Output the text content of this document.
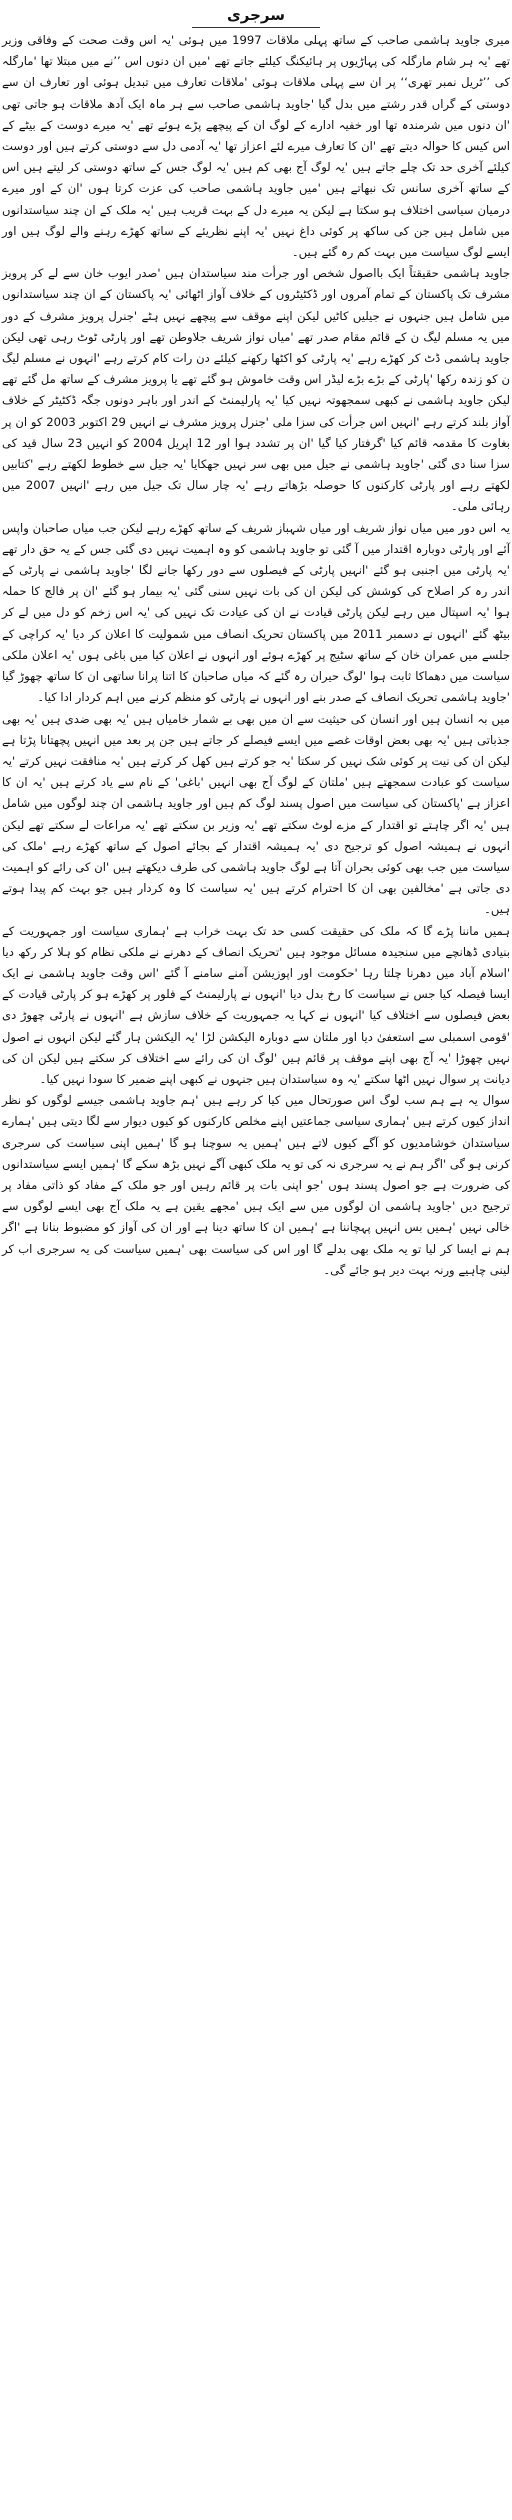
سرجری

میری جاوید ہاشمی صاحب کے ساتھ پہلی ملاقات 1997 میں ہوئی 'یہ اس وقت صحت کے وفاقی وزیر تھے 'یہ ہر شام مارگلہ کی پہاڑیوں پر ہائیکنگ کیلئے جاتے تھے 'میں ان دنوں اس ’’نے میں مبتلا تھا 'مارگلہ کی ’’ٹریل نمبر تھری‘‘ پر ان سے پہلی ملاقات ہوئی 'ملاقات تعارف میں تبدیل ہوئی اور تعارف ان سے دوستی کے گراں قدر رشتے میں بدل گیا 'جاوید ہاشمی صاحب سے ہر ماہ ایک آدھ ملاقات ہو جاتی تھی 'ان دنوں میں شرمندہ تھا اور خفیہ ادارے کے لوگ ان کے پیچھے پڑے ہوئے تھے 'یہ میرے دوست کے بیٹے کے اس کیس کا حوالہ دیتے تھے 'ان کا تعارف میرے لئے اعزاز تھا 'یہ آدمی دل سے دوستی کرتے ہیں اور دوست کیلئے آخری حد تک چلے جاتے ہیں 'یہ لوگ آج بھی کم ہیں 'یہ لوگ جس کے ساتھ دوستی کر لیتے ہیں اس کے ساتھ آخری سانس تک نبھاتے ہیں 'میں جاوید ہاشمی صاحب کی عزت کرتا ہوں 'ان کے اور میرے درمیان سیاسی اختلاف ہو سکتا ہے لیکن یہ میرے دل کے بہت قریب ہیں 'یہ ملک کے ان چند سیاستدانوں میں شامل ہیں جن کی ساکھ پر کوئی داغ نہیں 'یہ اپنے نظریئے کے ساتھ کھڑے رہنے والے لوگ ہیں اور ایسے لوگ سیاست میں بہت کم رہ گئے ہیں۔

جاوید ہاشمی حقیقتاً ایک بااصول شخص اور جرأت مند سیاستدان ہیں 'صدر ایوب خان سے لے کر پرویز مشرف تک پاکستان کے تمام آمروں اور ڈکٹیٹروں کے خلاف آواز اٹھائی 'یہ پاکستان کے ان چند سیاستدانوں میں شامل ہیں جنہوں نے جیلیں کاٹیں لیکن اپنے موقف سے پیچھے نہیں ہٹے 'جنرل پرویز مشرف کے دور میں یہ مسلم لیگ ن کے قائم مقام صدر تھے 'میاں نواز شریف جلاوطن تھے اور پارٹی ٹوٹ رہی تھی لیکن جاوید ہاشمی ڈٹ کر کھڑے رہے 'یہ پارٹی کو اکٹھا رکھنے کیلئے دن رات کام کرتے رہے 'انہوں نے مسلم لیگ ن کو زندہ رکھا 'پارٹی کے بڑے بڑے لیڈر اس وقت خاموش ہو گئے تھے یا پرویز مشرف کے ساتھ مل گئے تھے لیکن جاوید ہاشمی نے کبھی سمجھوتہ نہیں کیا 'یہ پارلیمنٹ کے اندر اور باہر دونوں جگہ ڈکٹیٹر کے خلاف آواز بلند کرتے رہے 'انہیں اس جرأت کی سزا ملی 'جنرل پرویز مشرف نے انہیں 29 اکتوبر 2003 کو ان پر بغاوت کا مقدمہ قائم کیا 'گرفتار کیا گیا 'ان پر تشدد ہوا اور 12 اپریل 2004 کو انہیں 23 سال قید کی سزا سنا دی گئی 'جاوید ہاشمی نے جیل میں بھی سر نہیں جھکایا 'یہ جیل سے خطوط لکھتے رہے 'کتابیں لکھتے رہے اور پارٹی کارکنوں کا حوصلہ بڑھاتے رہے 'یہ چار سال تک جیل میں رہے 'انہیں 2007 میں رہائی ملی۔

یہ اس دور میں میاں نواز شریف اور میاں شہباز شریف کے ساتھ کھڑے رہے لیکن جب میاں صاحبان واپس آئے اور پارٹی دوبارہ اقتدار میں آ گئی تو جاوید ہاشمی کو وہ اہمیت نہیں دی گئی جس کے یہ حق دار تھے 'یہ پارٹی میں اجنبی ہو گئے 'انہیں پارٹی کے فیصلوں سے دور رکھا جانے لگا 'جاوید ہاشمی نے پارٹی کے اندر رہ کر اصلاح کی کوشش کی لیکن ان کی بات نہیں سنی گئی 'یہ بیمار ہو گئے 'ان پر فالج کا حملہ ہوا 'یہ اسپتال میں رہے لیکن پارٹی قیادت نے ان کی عیادت تک نہیں کی 'یہ اس زخم کو دل میں لے کر بیٹھ گئے 'انہوں نے دسمبر 2011 میں پاکستان تحریک انصاف میں شمولیت کا اعلان کر دیا 'یہ کراچی کے جلسے میں عمران خان کے ساتھ سٹیج پر کھڑے ہوئے اور انہوں نے اعلان کیا میں باغی ہوں 'یہ اعلان ملکی سیاست میں دھماکا ثابت ہوا 'لوگ حیران رہ گئے کہ میاں صاحبان کا اتنا پرانا ساتھی ان کا ساتھ چھوڑ گیا 'جاوید ہاشمی تحریک انصاف کے صدر بنے اور انہوں نے پارٹی کو منظم کرنے میں اہم کردار ادا کیا۔

میں بہ انسان ہیں اور انسان کی حیثیت سے ان میں بھی بے شمار خامیاں ہیں 'یہ بھی ضدی ہیں 'یہ بھی جذباتی ہیں 'یہ بھی بعض اوقات غصے میں ایسے فیصلے کر جاتے ہیں جن پر بعد میں انہیں پچھتانا پڑتا ہے لیکن ان کی نیت پر کوئی شک نہیں کر سکتا 'یہ جو کرتے ہیں کھل کر کرتے ہیں 'یہ منافقت نہیں کرتے 'یہ سیاست کو عبادت سمجھتے ہیں 'ملتان کے لوگ آج بھی انہیں 'باغی' کے نام سے یاد کرتے ہیں 'یہ ان کا اعزاز ہے 'پاکستان کی سیاست میں اصول پسند لوگ کم ہیں اور جاوید ہاشمی ان چند لوگوں میں شامل ہیں 'یہ اگر چاہتے تو اقتدار کے مزے لوٹ سکتے تھے 'یہ وزیر بن سکتے تھے 'یہ مراعات لے سکتے تھے لیکن انہوں نے ہمیشہ اصول کو ترجیح دی 'یہ ہمیشہ اقتدار کے بجائے اصول کے ساتھ کھڑے رہے 'ملک کی سیاست میں جب بھی کوئی بحران آتا ہے لوگ جاوید ہاشمی کی طرف دیکھتے ہیں 'ان کی رائے کو اہمیت دی جاتی ہے 'مخالفین بھی ان کا احترام کرتے ہیں 'یہ سیاست کا وہ کردار ہیں جو بہت کم پیدا ہوتے ہیں۔

ہمیں ماننا پڑے گا کہ ملک کی حقیقت کسی حد تک بہت خراب ہے 'ہماری سیاست اور جمہوریت کے بنیادی ڈھانچے میں سنجیدہ مسائل موجود ہیں 'تحریک انصاف کے دھرنے نے ملکی نظام کو ہلا کر رکھ دیا 'اسلام آباد میں دھرنا چلتا رہا 'حکومت اور اپوزیشن آمنے سامنے آ گئے 'اس وقت جاوید ہاشمی نے ایک ایسا فیصلہ کیا جس نے سیاست کا رخ بدل دیا 'انہوں نے پارلیمنٹ کے فلور پر کھڑے ہو کر پارٹی قیادت کے بعض فیصلوں سے اختلاف کیا 'انہوں نے کہا یہ جمہوریت کے خلاف سازش ہے 'انہوں نے پارٹی چھوڑ دی 'قومی اسمبلی سے استعفیٰ دیا اور ملتان سے دوبارہ الیکشن لڑا 'یہ الیکشن ہار گئے لیکن انہوں نے اصول نہیں چھوڑا 'یہ آج بھی اپنے موقف پر قائم ہیں 'لوگ ان کی رائے سے اختلاف کر سکتے ہیں لیکن ان کی دیانت پر سوال نہیں اٹھا سکتے 'یہ وہ سیاستدان ہیں جنہوں نے کبھی اپنے ضمیر کا سودا نہیں کیا۔

سوال یہ ہے ہم سب لوگ اس صورتحال میں کیا کر رہے ہیں 'ہم جاوید ہاشمی جیسے لوگوں کو نظر انداز کیوں کرتے ہیں 'ہماری سیاسی جماعتیں اپنے مخلص کارکنوں کو کیوں دیوار سے لگا دیتی ہیں 'ہمارے سیاستدان خوشامدیوں کو آگے کیوں لاتے ہیں 'ہمیں یہ سوچنا ہو گا 'ہمیں اپنی سیاست کی سرجری کرنی ہو گی 'اگر ہم نے یہ سرجری نہ کی تو یہ ملک کبھی آگے نہیں بڑھ سکے گا 'ہمیں ایسے سیاستدانوں کی ضرورت ہے جو اصول پسند ہوں 'جو اپنی بات پر قائم رہیں اور جو ملک کے مفاد کو ذاتی مفاد پر ترجیح دیں 'جاوید ہاشمی ان لوگوں میں سے ایک ہیں 'مجھے یقین ہے یہ ملک آج بھی ایسے لوگوں سے خالی نہیں 'ہمیں بس انہیں پہچاننا ہے 'ہمیں ان کا ساتھ دینا ہے اور ان کی آواز کو مضبوط بنانا ہے 'اگر ہم نے ایسا کر لیا تو یہ ملک بھی بدلے گا اور اس کی سیاست بھی 'ہمیں سیاست کی یہ سرجری اب کر لینی چاہیے ورنہ بہت دیر ہو جائے گی۔
